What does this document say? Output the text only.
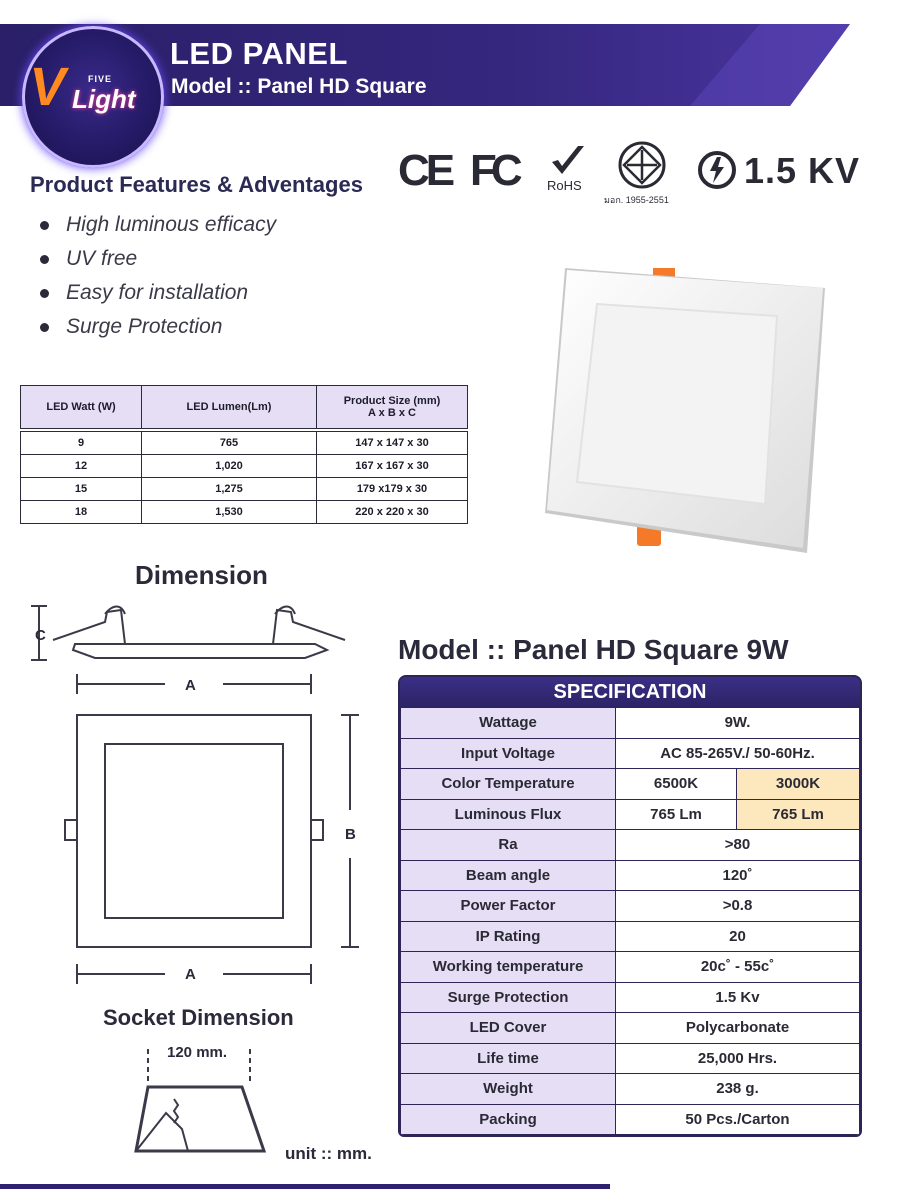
V FIVE
Light
LED PANEL
Model :: Panel HD Square
CE FC RoHS
มอก. 1955-2551
1.5 KV
Product Features & Adventages
High luminous efficacy
UV free
Easy for installation
Surge Protection
LED Watt (W)	LED Lumen(Lm)	Product Size (mm)
A x B x C

9	765	147 x 147 x 30
12	1,020	167 x 167 x 30
15	1,275	179 x179 x 30
18	1,530	220 x 220 x 30
Dimension
C
A
B
A
Socket Dimension
120 mm.
unit :: mm.
Model :: Panel HD Square 9W
SPECIFICATION
Wattage	9W.	
Input Voltage	AC 85-265V./ 50-60Hz.	
Color Temperature	6500K	3000K
Luminous Flux	765 Lm	765 Lm
Ra	>80	
Beam angle	120˚	
Power Factor	>0.8	
IP Rating	20	
Working temperature	20c˚ - 55c˚	
Surge Protection	1.5 Kv	
LED Cover	Polycarbonate	
Life time	25,000 Hrs.	
Weight	238 g.	
Packing	50 Pcs./Carton	
